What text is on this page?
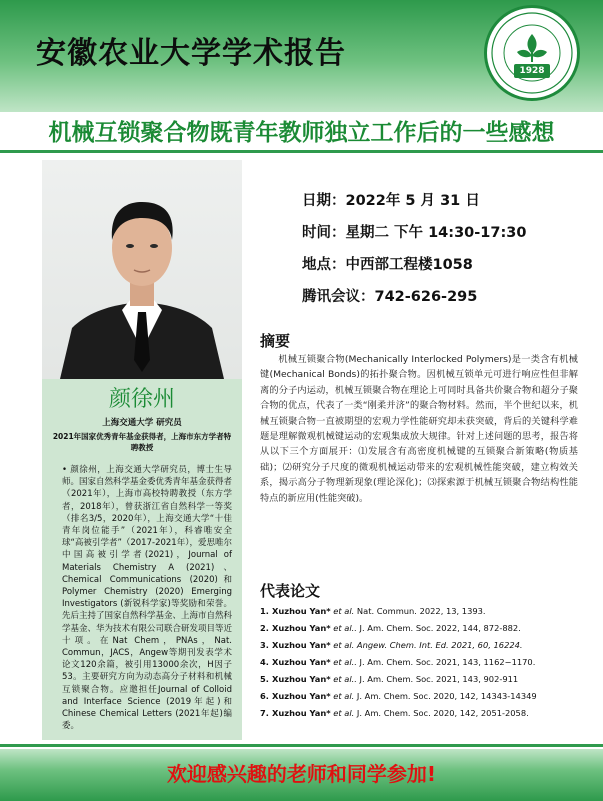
安徽农业大学学术报告	1928
机械互锁聚合物既青年教师独立工作后的一些感想
颜徐州
上海交通大学 研究员
2021年国家优秀青年基金获得者，上海市东方学者特聘教授
• 颜徐州，上海交通大学研究员，博士生导师。国家自然科学基金委优秀青年基金获得者（2021年），上海市高校特聘教授（东方学者，2018年），曾获浙江省自然科学一等奖（排名3/5，2020年），上海交通大学“十佳青年岗位能手”（2021年），科睿唯安全球“高被引学者”（2017-2021年），爱思唯尔中国高被引学者(2021)，Journal of Materials Chemistry A (2021)、Chemical Communications (2020)和Polymer Chemistry (2020) Emerging Investigators (新锐科学家)等奖励和荣誉。先后主持了国家自然科学基金、上海市自然科学基金、华为技术有限公司联合研发项目等近十项。在Nat Chem，PNAs，Nat. Commun，JACS，Angew等期刊发表学术论文120余篇，被引用13000余次，H因子53。主要研究方向为动态高分子材料和机械互锁聚合物。应邀担任Journal of Colloid and Interface Science (2019年起)和Chinese Chemical Letters (2021年起)编委。
日期：2022年 5 月 31 日
时间：星期二 下午 14:30-17:30
地点：中西部工程楼1058
腾讯会议：742-626-295
摘要
机械互锁聚合物(Mechanically Interlocked Polymers)是一类含有机械键(Mechanical Bonds)的拓扑聚合物。因机械互锁单元可进行响应性但非解离的分子内运动，机械互锁聚合物在理论上可同时具备共价聚合物和超分子聚合物的优点，代表了一类“刚柔并济”的聚合物材料。然而，半个世纪以来，机械互锁聚合物一直被期望的宏观力学性能研究却未获突破，背后的关键科学难题是理解微观机械键运动的宏观集成放大规律。针对上述问题的思考，报告将从以下三个方面展开：⑴发展含有高密度机械键的互锁聚合新策略(物质基础)；⑵研究分子尺度的微观机械运动带来的宏观机械性能突破，建立构效关系，揭示高分子物理新现象(理论深化)；⑶探索源于机械互锁聚合物结构性能特点的新应用(性能突破)。
代表论文
1. Xuzhou Yan* et al. Nat. Commun. 2022, 13, 1393.
2. Xuzhou Yan* et al.. J. Am. Chem. Soc. 2022, 144, 872-882.
3. Xuzhou Yan* et al. Angew. Chem. Int. Ed. 2021, 60, 16224.
4. Xuzhou Yan* et al.. J. Am. Chem. Soc. 2021, 143, 1162−1170.
5. Xuzhou Yan* et al.. J. Am. Chem. Soc. 2021, 143, 902-911
6. Xuzhou Yan* et al. J. Am. Chem. Soc. 2020, 142, 14343-14349
7. Xuzhou Yan* et al. J. Am. Chem. Soc. 2020, 142, 2051-2058.
欢迎感兴趣的老师和同学参加!
